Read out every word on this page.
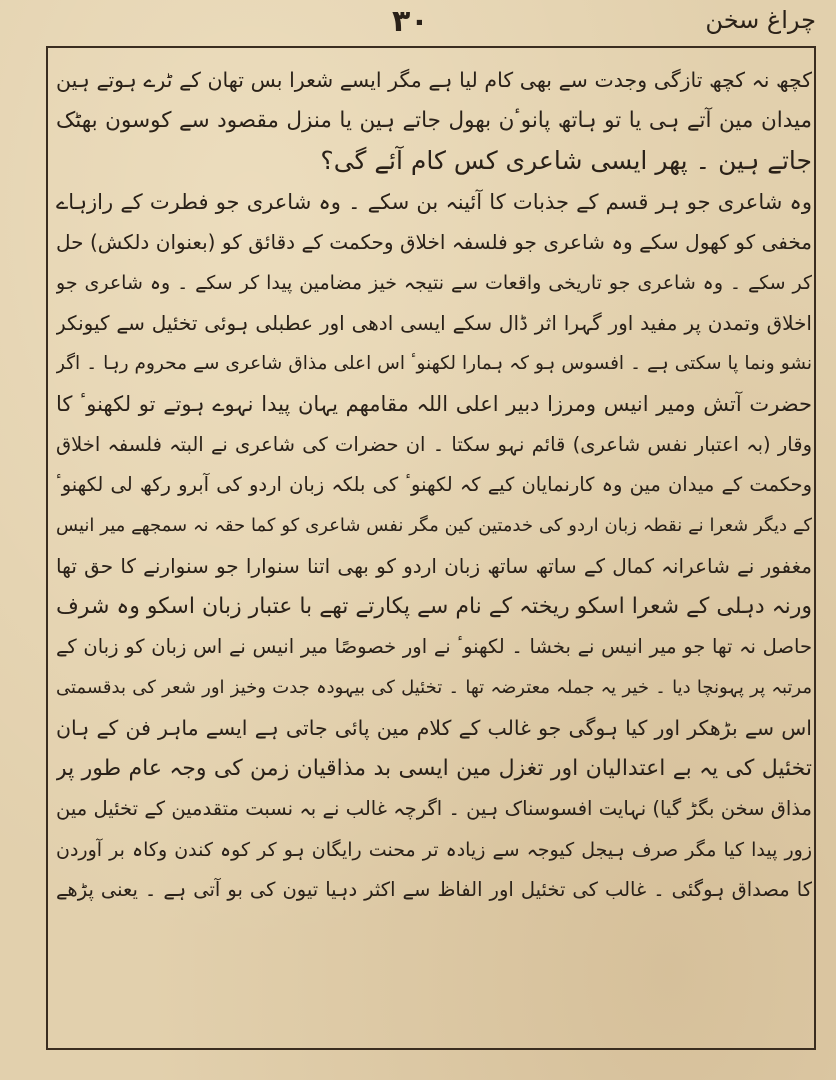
۳۰	چراغ سخن
کچھ نہ کچھ تازگی وجدت سے بھی کام لیا ہے مگر ایسے شعرا بس تھان کے ٹرے ہوتے ہین
میدان مین آتے ہی یا تو ہاتھ پانوٴن بھول جاتے ہین یا منزل مقصود سے کوسون بھٹک
جاتے ہین ۔ پھر ایسی شاعری کس کام آئے گی؟
وہ شاعری جو ہر قسم کے جذبات کا آئینہ بن سکے ۔ وہ شاعری جو فطرت کے رازہاے
مخفی کو کھول سکے وہ شاعری جو فلسفہ اخلاق وحکمت کے دقائق کو (بعنوان دلکش) حل
کر سکے ۔ وہ شاعری جو تاریخی واقعات سے نتیجہ خیز مضامین پیدا کر سکے ۔ وہ شاعری جو
اخلاق وتمدن پر مفید اور گہرا اثر ڈال سکے ایسی ادھی اور عطبلی ہوئی تخئیل سے کیونکر
نشو ونما پا سکتی ہے ۔ افسوس ہو کہ ہمارا لکھنوٴ اس اعلی مذاق شاعری سے محروم رہا ۔ اگر
حضرت آتش ومیر انیس ومرزا دبیر اعلی اللہ مقامھم یہان پیدا نہوے ہوتے تو لکھنوٴ کا
وقار (بہ اعتبار نفس شاعری) قائم نہو سکتا ۔ ان حضرات کی شاعری نے البتہ فلسفہ اخلاق
وحکمت کے میدان مین وہ کارنمایان کیے کہ لکھنوٴ کی بلکہ زبان اردو کی آبرو رکھ لی لکھنوٴ
کے دیگر شعرا نے نقطہ زبان اردو کی خدمتین کین مگر نفس شاعری کو کما حقہ نہ سمجھے میر انیس
مغفور نے شاعرانہ کمال کے ساتھ ساتھ زبان اردو کو بھی اتنا سنوارا جو سنوارنے کا حق تھا
ورنہ دہلی کے شعرا اسکو ریختہ کے نام سے پکارتے تھے با عتبار زبان اسکو وہ شرف
حاصل نہ تھا جو میر انیس نے بخشا ۔ لکھنوٴ نے اور خصوصًا میر انیس نے اس زبان کو زبان کے
مرتبہ پر پہونچا دیا ۔ خیر یہ جملہ معترضہ تھا ۔ تخئیل کی بیہودہ جدت وخیز اور شعر کی بدقسمتی
اس سے بڑھکر اور کیا ہوگی جو غالب کے کلام مین پائی جاتی ہے ایسے ماہر فن کے ہان
تخئیل کی یہ بے اعتدالیان اور تغزل مین ایسی بد مذاقیان زمن کی وجہ عام طور پر
مذاق سخن بگڑ گیا) نہایت افسوسناک ہین ۔ اگرچہ غالب نے بہ نسبت متقدمین کے تخئیل مین
زور پیدا کیا مگر صرف ہیجل کیوجہ سے زیادہ تر محنت رایگان ہو کر کوہ کندن وکاہ بر آوردن
کا مصداق ہوگئی ۔ غالب کی تخئیل اور الفاظ سے اکثر دہیا تیون کی بو آتی ہے ۔ یعنی پڑھے
